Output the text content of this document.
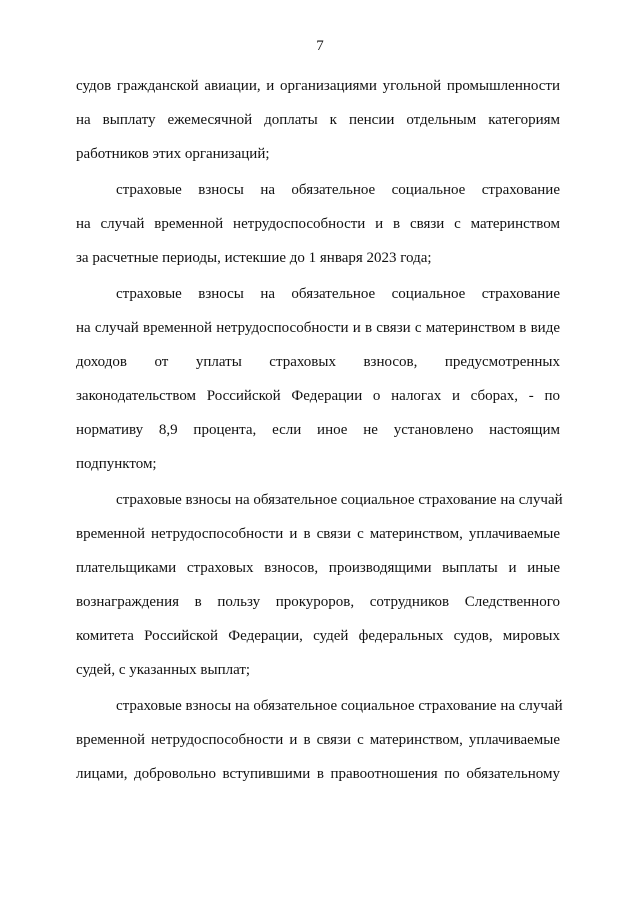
7
судов гражданской авиации, и организациями угольной промышленности
на выплату ежемесячной доплаты к пенсии отдельным категориям
работников этих организаций;
страховые взносы на обязательное социальное страхование
на случай временной нетрудоспособности и в связи с материнством
за расчетные периоды, истекшие до 1 января 2023 года;
страховые взносы на обязательное социальное страхование
на случай временной нетрудоспособности и в связи с материнством в виде
доходов от уплаты страховых взносов, предусмотренных
законодательством Российской Федерации о налогах и сборах, - по
нормативу 8,9 процента, если иное не установлено настоящим
подпунктом;
страховые взносы на обязательное социальное страхование на случай
временной нетрудоспособности и в связи с материнством, уплачиваемые
плательщиками страховых взносов, производящими выплаты и иные
вознаграждения в пользу прокуроров, сотрудников Следственного
комитета Российской Федерации, судей федеральных судов, мировых
судей, с указанных выплат;
страховые взносы на обязательное социальное страхование на случай
временной нетрудоспособности и в связи с материнством, уплачиваемые
лицами, добровольно вступившими в правоотношения по обязательному
